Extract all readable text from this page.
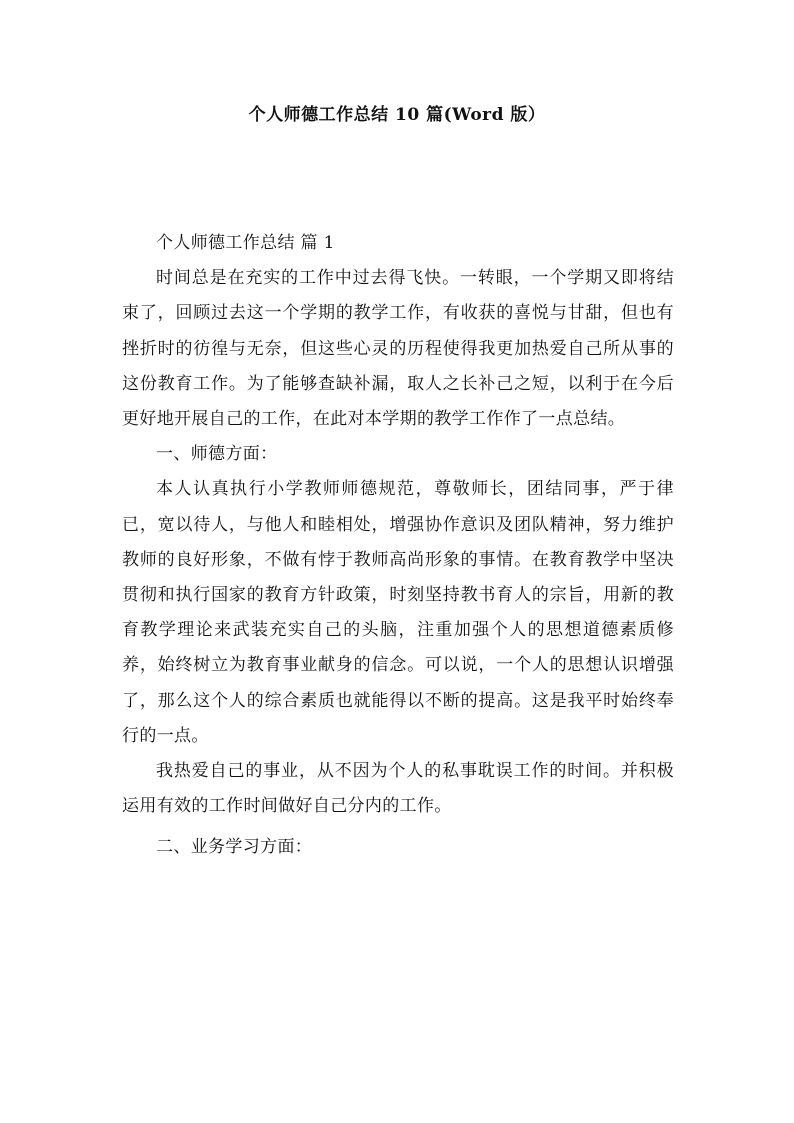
个人师德工作总结 10 篇(Word 版）

个人师德工作总结 篇 1

时间总是在充实的工作中过去得飞快。一转眼，一个学期又即将结束了，回顾过去这一个学期的教学工作，有收获的喜悦与甘甜，但也有挫折时的彷徨与无奈，但这些心灵的历程使得我更加热爱自己所从事的这份教育工作。为了能够查缺补漏，取人之长补己之短，以利于在今后更好地开展自己的工作，在此对本学期的教学工作作了一点总结。

一、师德方面：

本人认真执行小学教师师德规范，尊敬师长，团结同事，严于律已，宽以待人，与他人和睦相处，增强协作意识及团队精神，努力维护教师的良好形象，不做有悖于教师高尚形象的事情。在教育教学中坚决贯彻和执行国家的教育方针政策，时刻坚持教书育人的宗旨，用新的教育教学理论来武装充实自己的头脑，注重加强个人的思想道德素质修养，始终树立为教育事业献身的信念。可以说，一个人的思想认识增强了，那么这个人的综合素质也就能得以不断的提高。这是我平时始终奉行的一点。

我热爱自己的事业，从不因为个人的私事耽误工作的时间。并积极运用有效的工作时间做好自己分内的工作。

二、业务学习方面：
